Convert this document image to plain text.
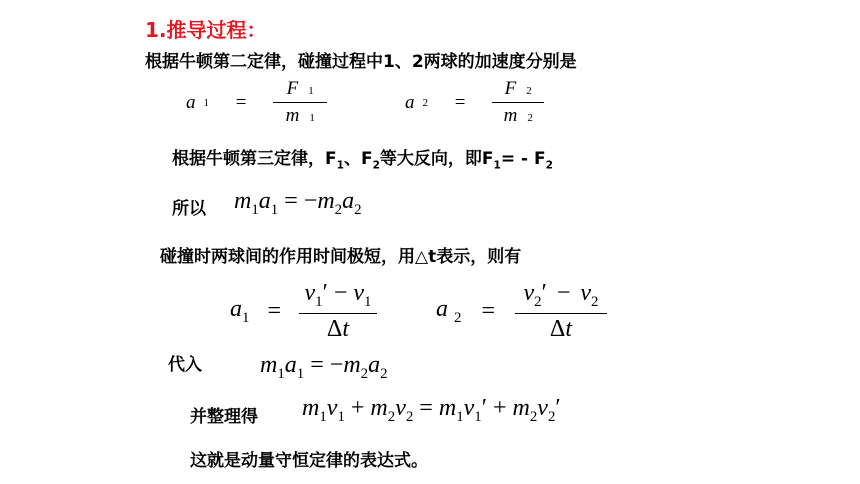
1.推导过程：
根据牛顿第二定律，碰撞过程中1、2两球的加速度分别是
a $1 = \frac{F 1}{m 1}$	a $2 = \frac{F 2}{m 2}$
根据牛顿第三定律，$F_1$、$F_2$等大反向，即$F_1= - F_2$
所以 $m_1a_1 = -m_2a_2$
碰撞时两球间的作用时间极短，用△t表示，则有
$a_1 = \frac{v_1' - v_1}{\Delta t}$ a $_2 = \frac{v_2' - v_2}{\Delta t}$
代入 $m_1a_1 = -m_2a_2$
并整理得 $m_1v_1 + m_2v_2 = m_1v_1' + m_2v_2'$
这就是动量守恒定律的表达式。
